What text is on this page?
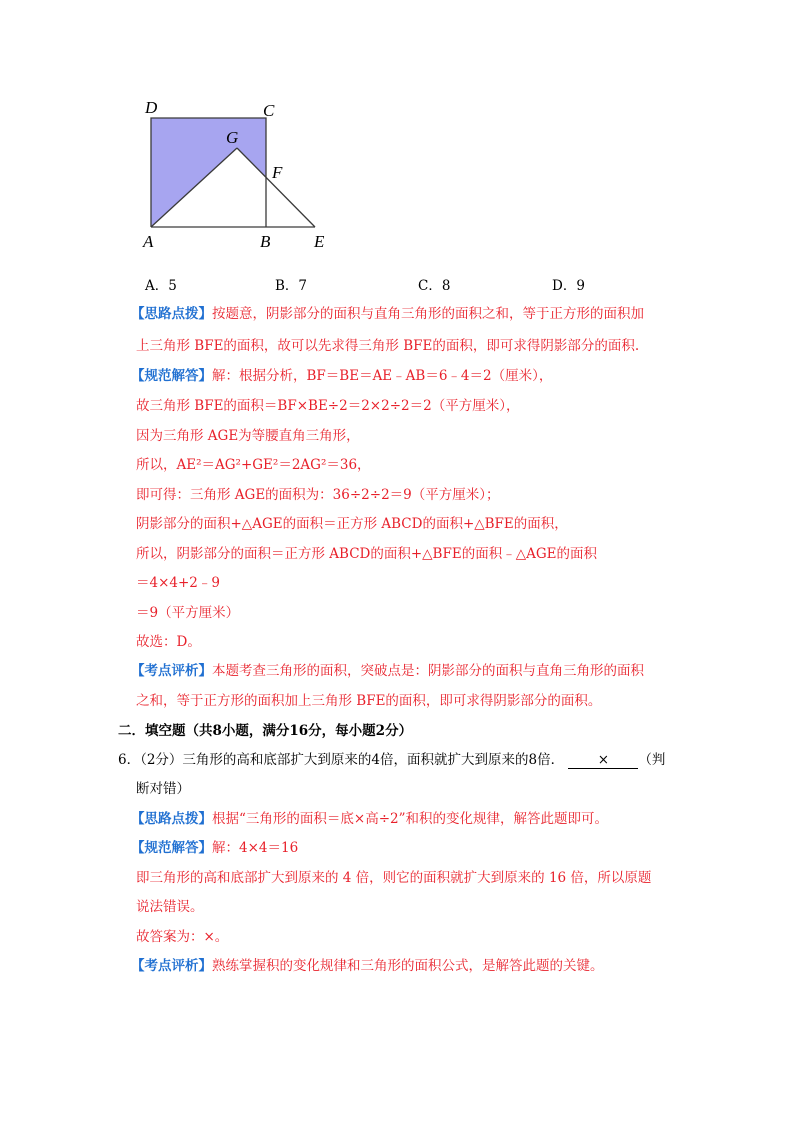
D	C
G
F
A	B	E
A．5	B．7	C．8	D．9
【思路点拨】按题意，阴影部分的面积与直角三角形的面积之和，等于正方形的面积加
上三角形 BFE的面积，故可以先求得三角形 BFE的面积，即可求得阴影部分的面积.
【规范解答】解：根据分析，BF＝BE＝AE﹣AB＝6﹣4＝2（厘米），
故三角形 BFE的面积＝BF×BE÷2＝2×2÷2＝2（平方厘米），
因为三角形 AGE为等腰直角三角形，
所以，AE²＝AG²+GE²＝2AG²＝36，
即可得：三角形 AGE的面积为：36÷2÷2＝9（平方厘米）；
阴影部分的面积+△AGE的面积＝正方形 ABCD的面积+△BFE的面积，
所以，阴影部分的面积＝正方形 ABCD的面积+△BFE的面积﹣△AGE的面积
＝4×4+2﹣9
＝9（平方厘米）
故选：D。
【考点评析】本题考查三角形的面积，突破点是：阴影部分的面积与直角三角形的面积
之和，等于正方形的面积加上三角形 BFE的面积，即可求得阴影部分的面积。
二．填空题（共8小题，满分16分，每小题2分）
6．（2分）三角形的高和底部扩大到原来的4倍，面积就扩大到原来的8倍． × （判
断对错）
【思路点拨】根据“三角形的面积＝底×高÷2”和积的变化规律，解答此题即可。
【规范解答】解：4×4＝16
即三角形的高和底部扩大到原来的 4 倍，则它的面积就扩大到原来的 16 倍，所以原题
说法错误。
故答案为：×。
【考点评析】熟练掌握积的变化规律和三角形的面积公式，是解答此题的关键。
